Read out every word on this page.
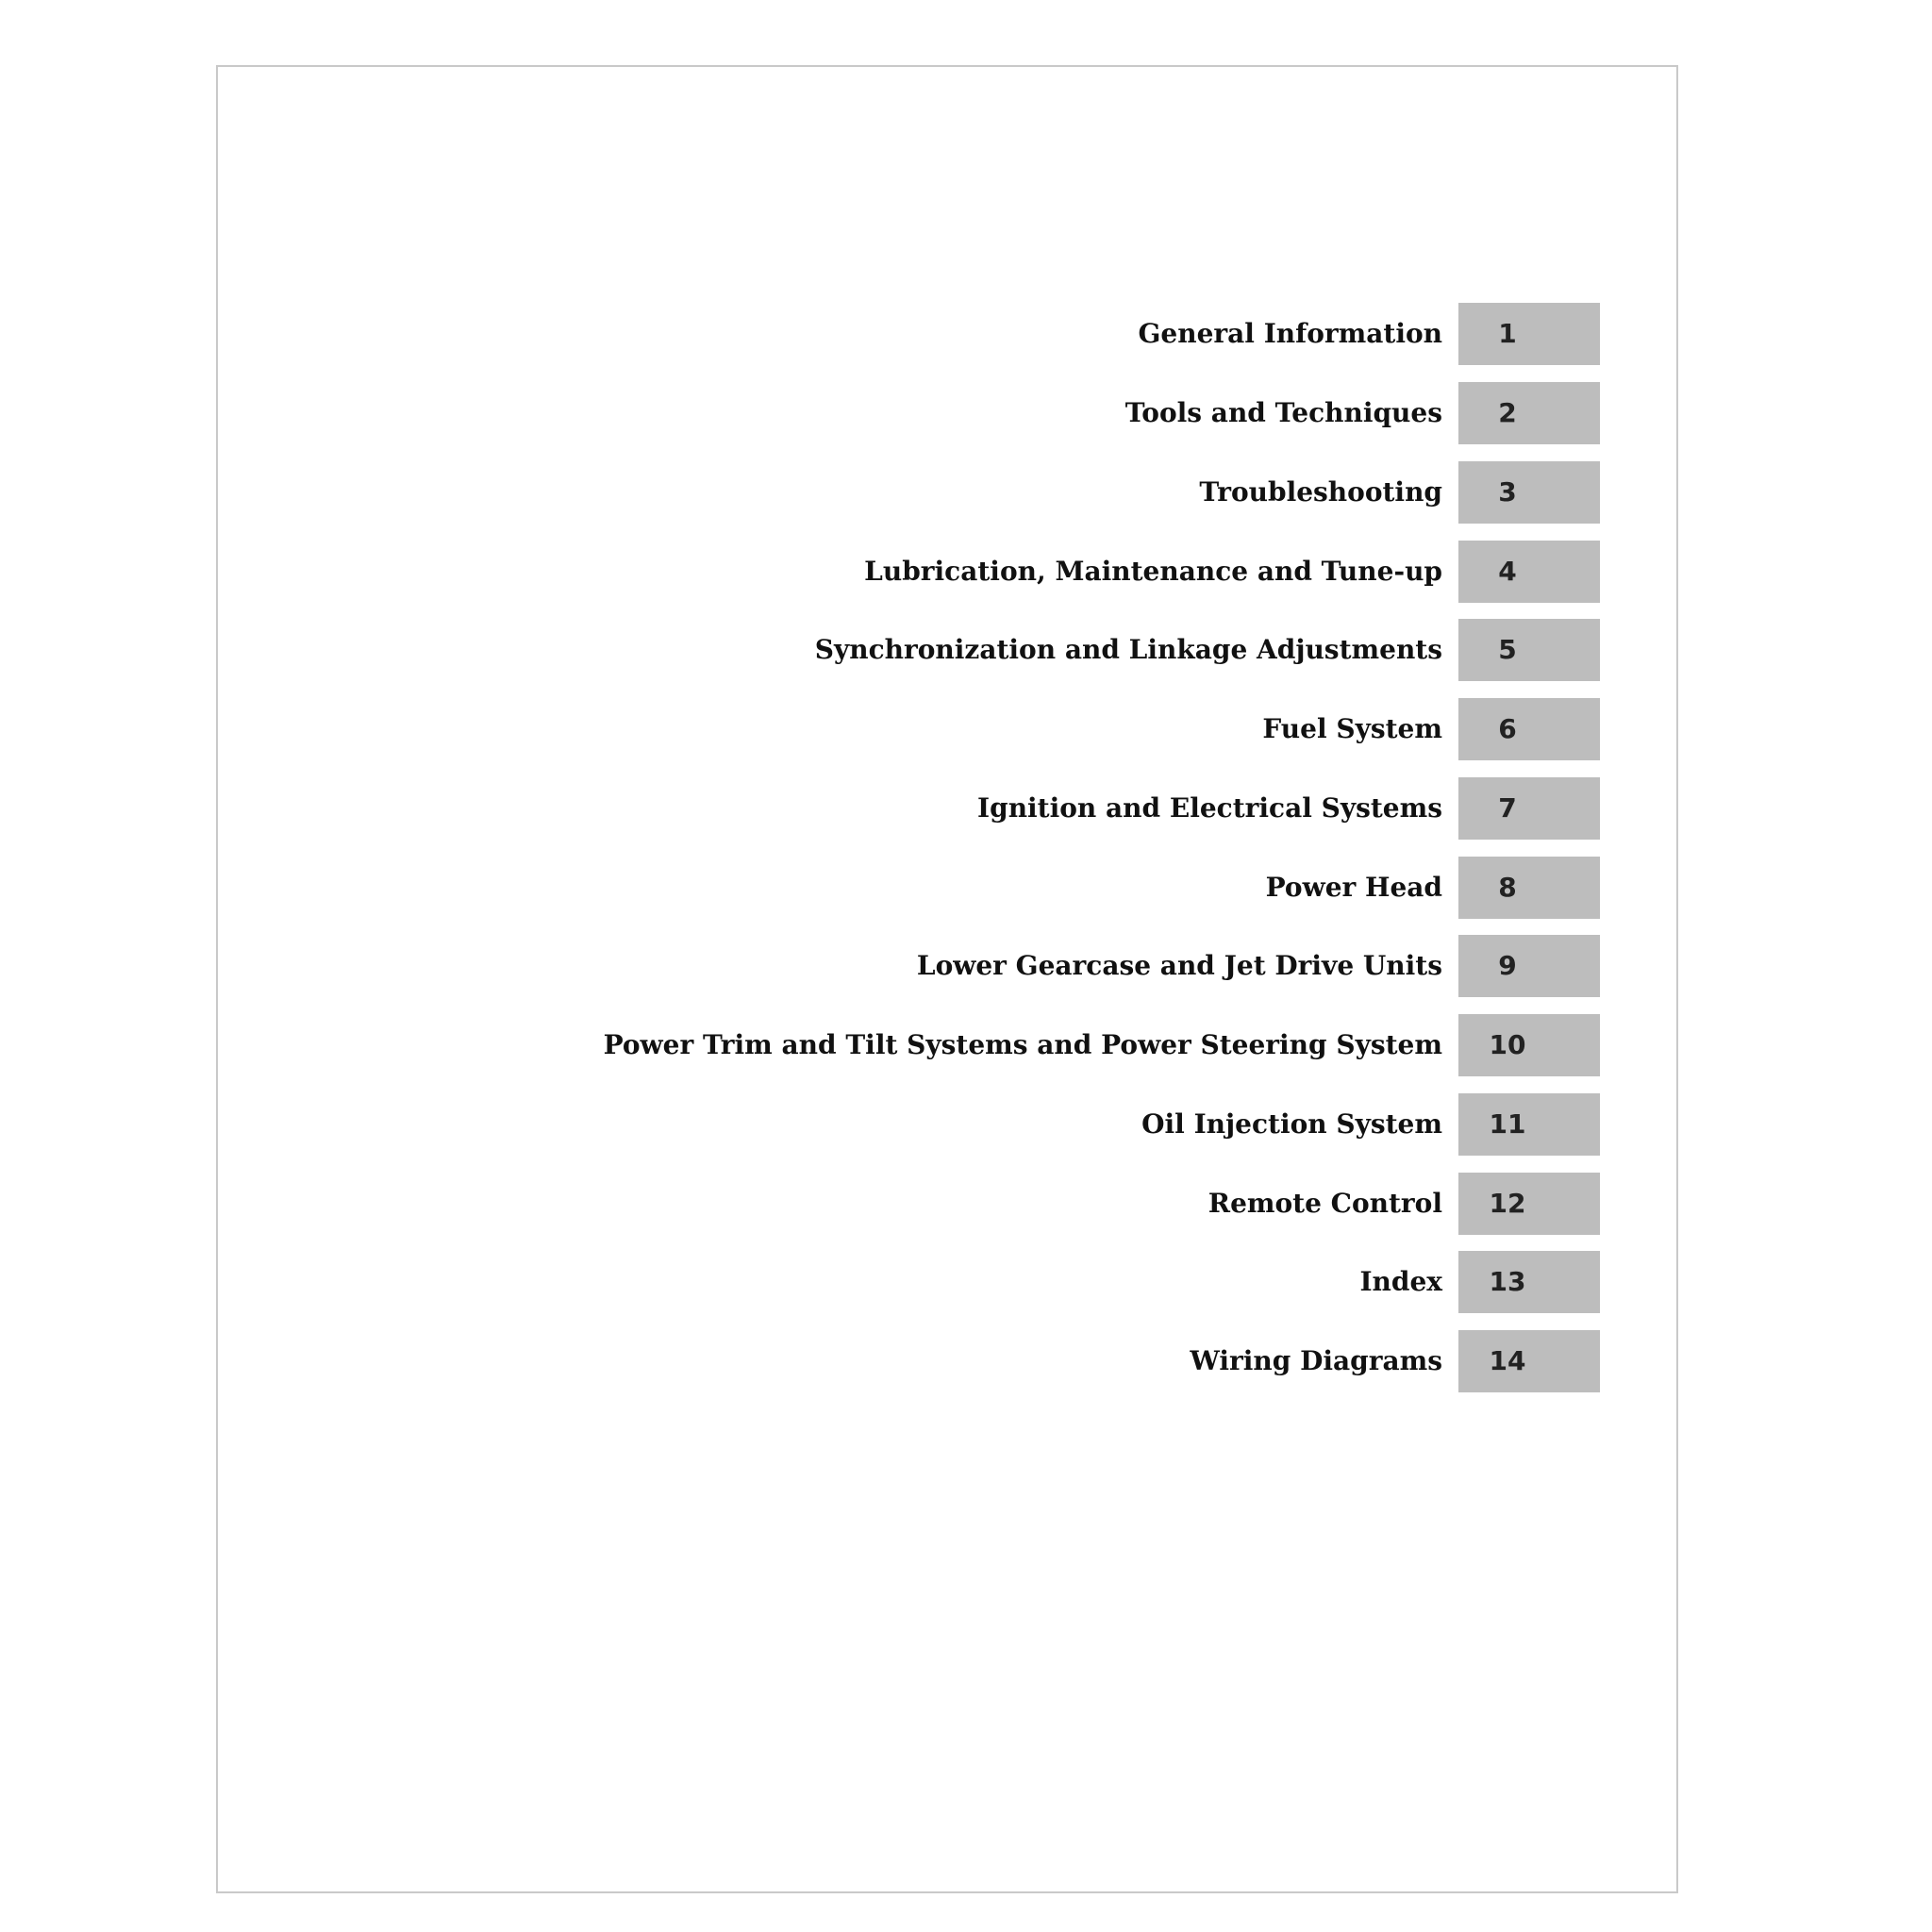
General Information	1
Tools and Techniques	2
Troubleshooting	3
Lubrication, Maintenance and Tune-up	4
Synchronization and Linkage Adjustments	5
Fuel System	6
Ignition and Electrical Systems	7
Power Head	8
Lower Gearcase and Jet Drive Units	9
Power Trim and Tilt Systems and Power Steering System	10
Oil Injection System	11
Remote Control	12
Index	13
Wiring Diagrams	14
